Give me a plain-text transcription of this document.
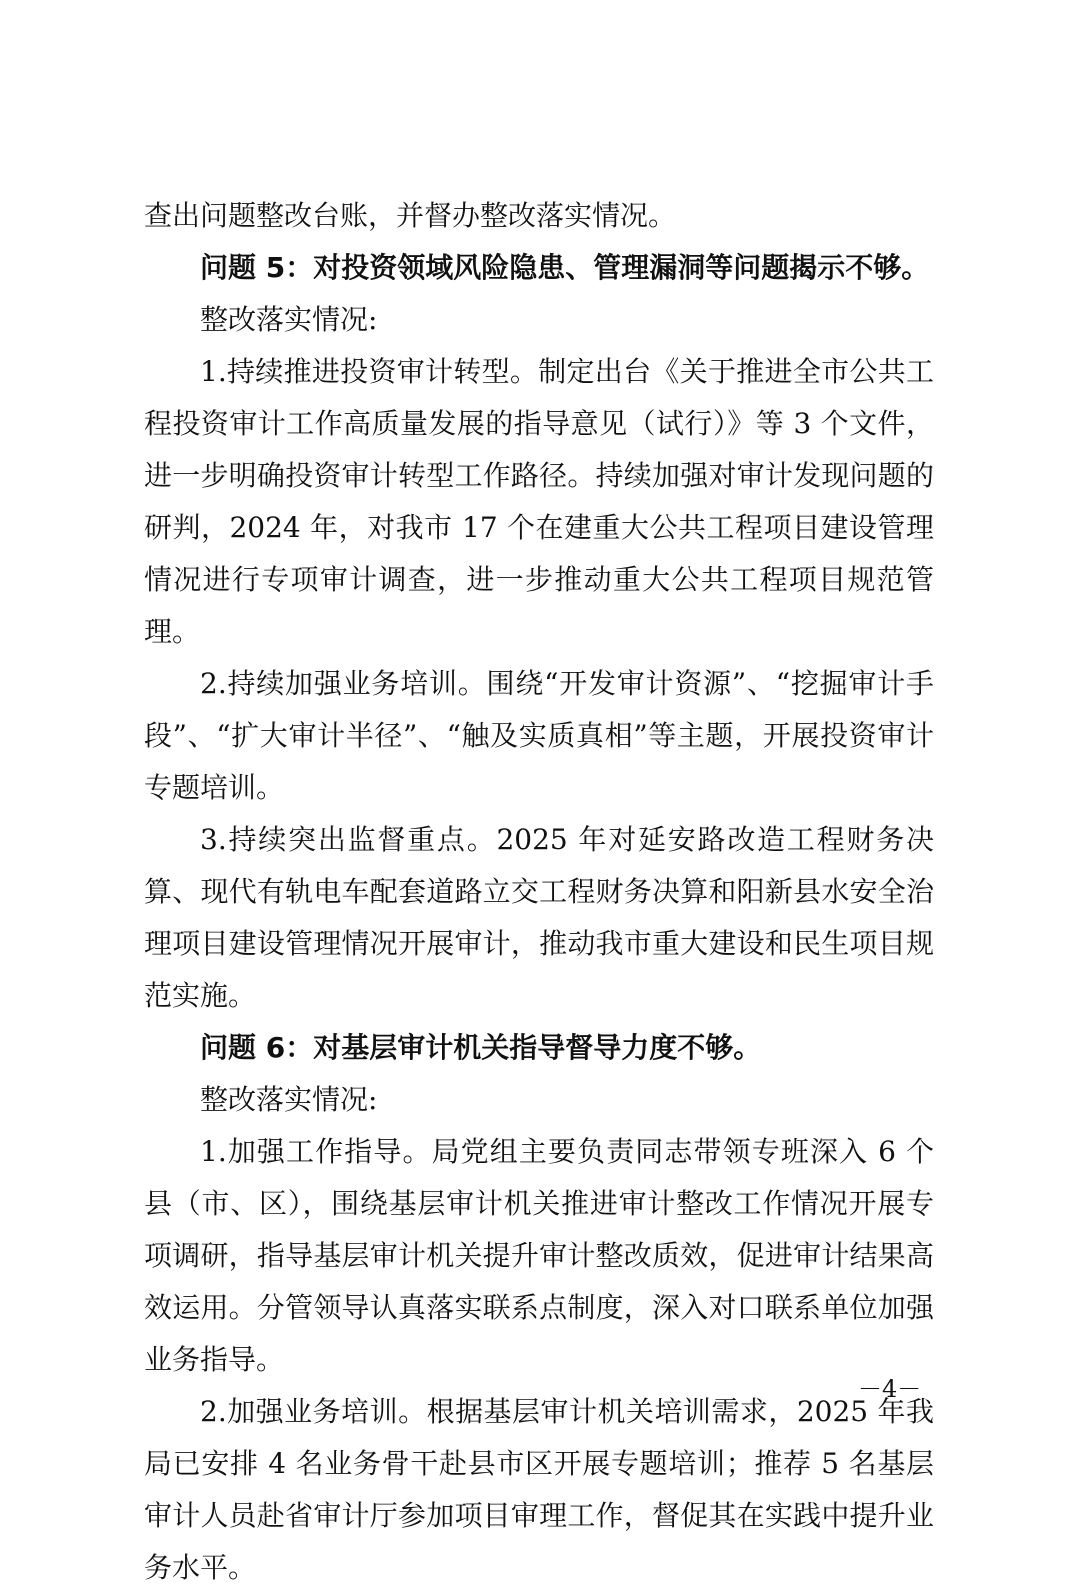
查出问题整改台账，并督办整改落实情况。

问题 5：对投资领域风险隐患、管理漏洞等问题揭示不够。

整改落实情况:

1.持续推进投资审计转型。制定出台《关于推进全市公共工程投资审计工作高质量发展的指导意见（试行）》等 3 个文件，进一步明确投资审计转型工作路径。持续加强对审计发现问题的研判，2024 年，对我市 17 个在建重大公共工程项目建设管理情况进行专项审计调查，进一步推动重大公共工程项目规范管理。

2.持续加强业务培训。围绕“开发审计资源”、“挖掘审计手段”、“扩大审计半径”、“触及实质真相”等主题，开展投资审计专题培训。

3.持续突出监督重点。2025 年对延安路改造工程财务决算、现代有轨电车配套道路立交工程财务决算和阳新县水安全治理项目建设管理情况开展审计，推动我市重大建设和民生项目规范实施。

问题 6：对基层审计机关指导督导力度不够。

整改落实情况:

1.加强工作指导。局党组主要负责同志带领专班深入 6 个县（市、区），围绕基层审计机关推进审计整改工作情况开展专项调研，指导基层审计机关提升审计整改质效，促进审计结果高效运用。分管领导认真落实联系点制度，深入对口联系单位加强业务指导。

2.加强业务培训。根据基层审计机关培训需求，2025 年我局已安排 4 名业务骨干赴县市区开展专题培训；推荐 5 名基层审计人员赴省审计厅参加项目审理工作，督促其在实践中提升业务水平。

－4－
